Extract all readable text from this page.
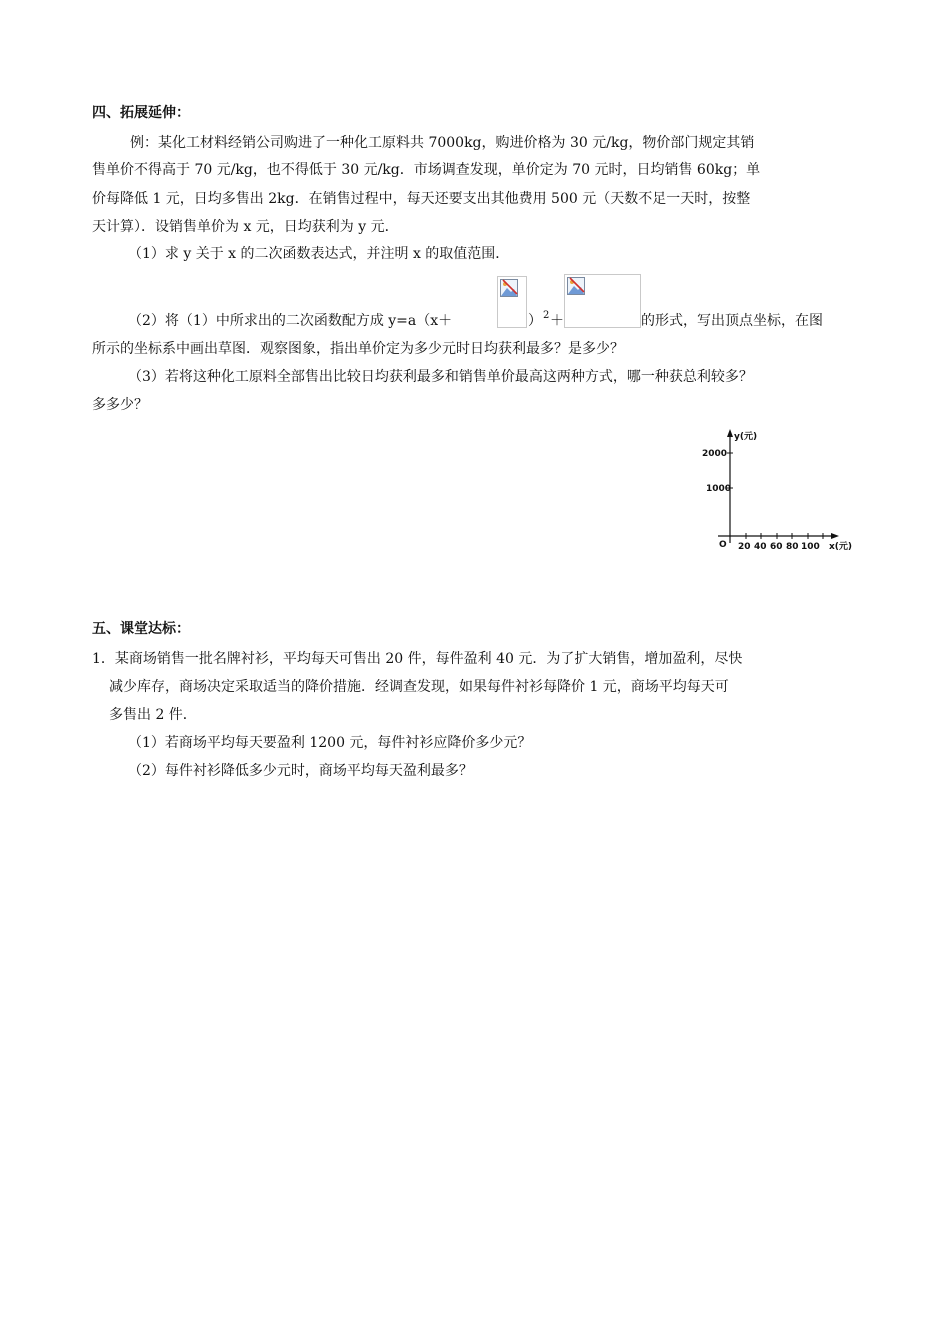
四、拓展延伸：
例：某化工材料经销公司购进了一种化工原料共 7000kg，购进价格为 30 元/kg，物价部门规定其销
售单价不得高于 70 元/kg，也不得低于 30 元/kg．市场调查发现，单价定为 70 元时，日均销售 60kg；单
价每降低 1 元，日均多售出 2kg．在销售过程中，每天还要支出其他费用 500 元（天数不足一天时，按整
天计算）．设销售单价为 x 元，日均获利为 y 元．
（1）求 y 关于 x 的二次函数表达式，并注明 x 的取值范围．
（2）将（1）中所求出的二次函数配方成 y=a（x＋	） 2 ＋	的形式，写出顶点坐标，在图
所示的坐标系中画出草图．观察图象，指出单价定为多少元时日均获利最多？是多少？
（3）若将这种化工原料全部售出比较日均获利最多和销售单价最高这两种方式，哪一种获总利较多？
多多少？
y(元)
2000
1000
O 20 40 60 80 100 x(元)
五、课堂达标：
1．某商场销售一批名牌衬衫，平均每天可售出 20 件，每件盈利 40 元．为了扩大销售，增加盈利，尽快
减少库存，商场决定采取适当的降价措施．经调查发现，如果每件衬衫每降价 1 元，商场平均每天可
多售出 2 件．
（1）若商场平均每天要盈利 1200 元，每件衬衫应降价多少元？
（2）每件衬衫降低多少元时，商场平均每天盈利最多？
